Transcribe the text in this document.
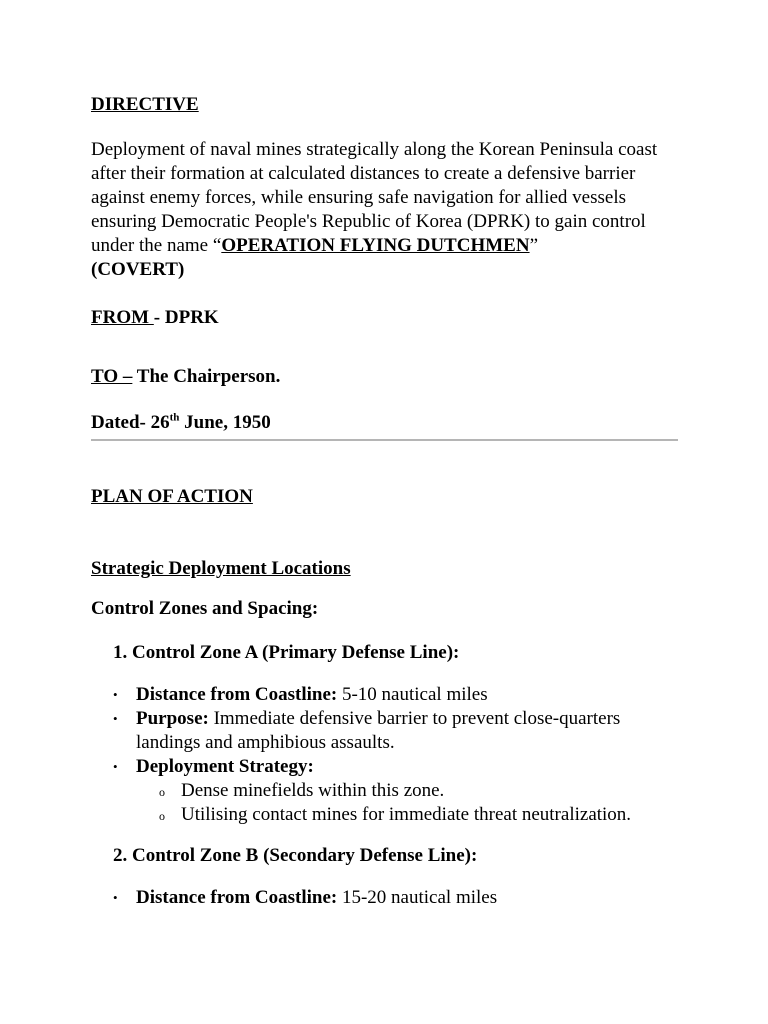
DIRECTIVE

Deployment of naval mines strategically along the Korean Peninsula coast after their formation at calculated distances to create a defensive barrier against enemy forces, while ensuring safe navigation for allied vessels ensuring Democratic People's Republic of Korea (DPRK) to gain control under the name “OPERATION FLYING DUTCHMEN”
(COVERT)

FROM - DPRK

TO – The Chairperson.

Dated- 26th June, 1950

PLAN OF ACTION

Strategic Deployment Locations

Control Zones and Spacing:

1. Control Zone A (Primary Defense Line):

• Distance from Coastline: 5-10 nautical miles
• Purpose: Immediate defensive barrier to prevent close-quarters landings and amphibious assaults.
• Deployment Strategy:
o Dense minefields within this zone.
o Utilising contact mines for immediate threat neutralization.

2. Control Zone B (Secondary Defense Line):

• Distance from Coastline: 15-20 nautical miles
